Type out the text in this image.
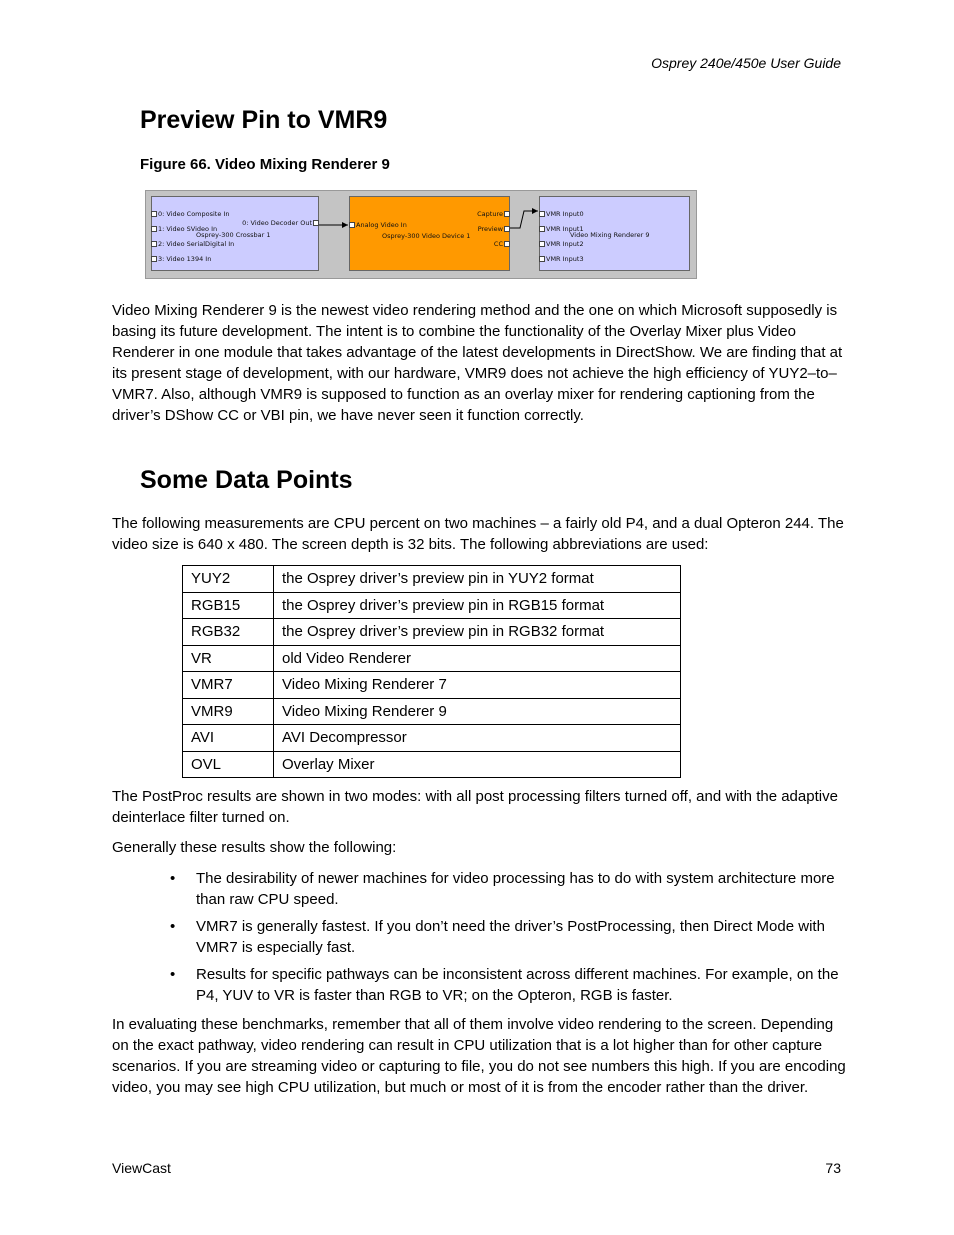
Osprey 240e/450e User Guide
Preview Pin to VMR9
Figure 66. Video Mixing Renderer 9
0: Video Composite In
1: Video SVideo In
2: Video SerialDigital In
3: Video 1394 In
0: Video Decoder Out
Osprey-300 Crossbar 1
Analog Video In
Capture
Preview
CC
Osprey-300 Video Device 1
VMR Input0
VMR Input1
VMR Input2
VMR Input3
Video Mixing Renderer 9

Video Mixing Renderer 9 is the newest video rendering method and the one on which Microsoft supposedly is basing its future development. The intent is to combine the functionality of the Overlay Mixer plus Video Renderer in one module that takes advantage of the latest developments in DirectShow. We are finding that at its present stage of development, with our hardware, VMR9 does not achieve the high efficiency of YUY2–to–VMR7. Also, although VMR9 is supposed to function as an overlay mixer for rendering captioning from the driver’s DShow CC or VBI pin, we have never seen it function correctly.

Some Data Points

The following measurements are CPU percent on two machines – a fairly old P4, and a dual Opteron 244. The video size is 640 x 480. The screen depth is 32 bits. The following abbreviations are used:

YUY2	the Osprey driver’s preview pin in YUY2 format
RGB15	the Osprey driver’s preview pin in RGB15 format
RGB32	the Osprey driver’s preview pin in RGB32 format
VR	old Video Renderer
VMR7	Video Mixing Renderer 7
VMR9	Video Mixing Renderer 9
AVI	AVI Decompressor
OVL	Overlay Mixer

The PostProc results are shown in two modes: with all post processing filters turned off, and with the adaptive deinterlace filter turned on.

Generally these results show the following:

• The desirability of newer machines for video processing has to do with system architecture more than raw CPU speed.
• VMR7 is generally fastest. If you don’t need the driver’s PostProcessing, then Direct Mode with VMR7 is especially fast.
• Results for specific pathways can be inconsistent across different machines. For example, on the P4, YUV to VR is faster than RGB to VR; on the Opteron, RGB is faster.

In evaluating these benchmarks, remember that all of them involve video rendering to the screen. Depending on the exact pathway, video rendering can result in CPU utilization that is a lot higher than for other capture scenarios. If you are streaming video or capturing to file, you do not see numbers this high. If you are encoding video, you may see high CPU utilization, but much or most of it is from the encoder rather than the driver.

ViewCast	73
